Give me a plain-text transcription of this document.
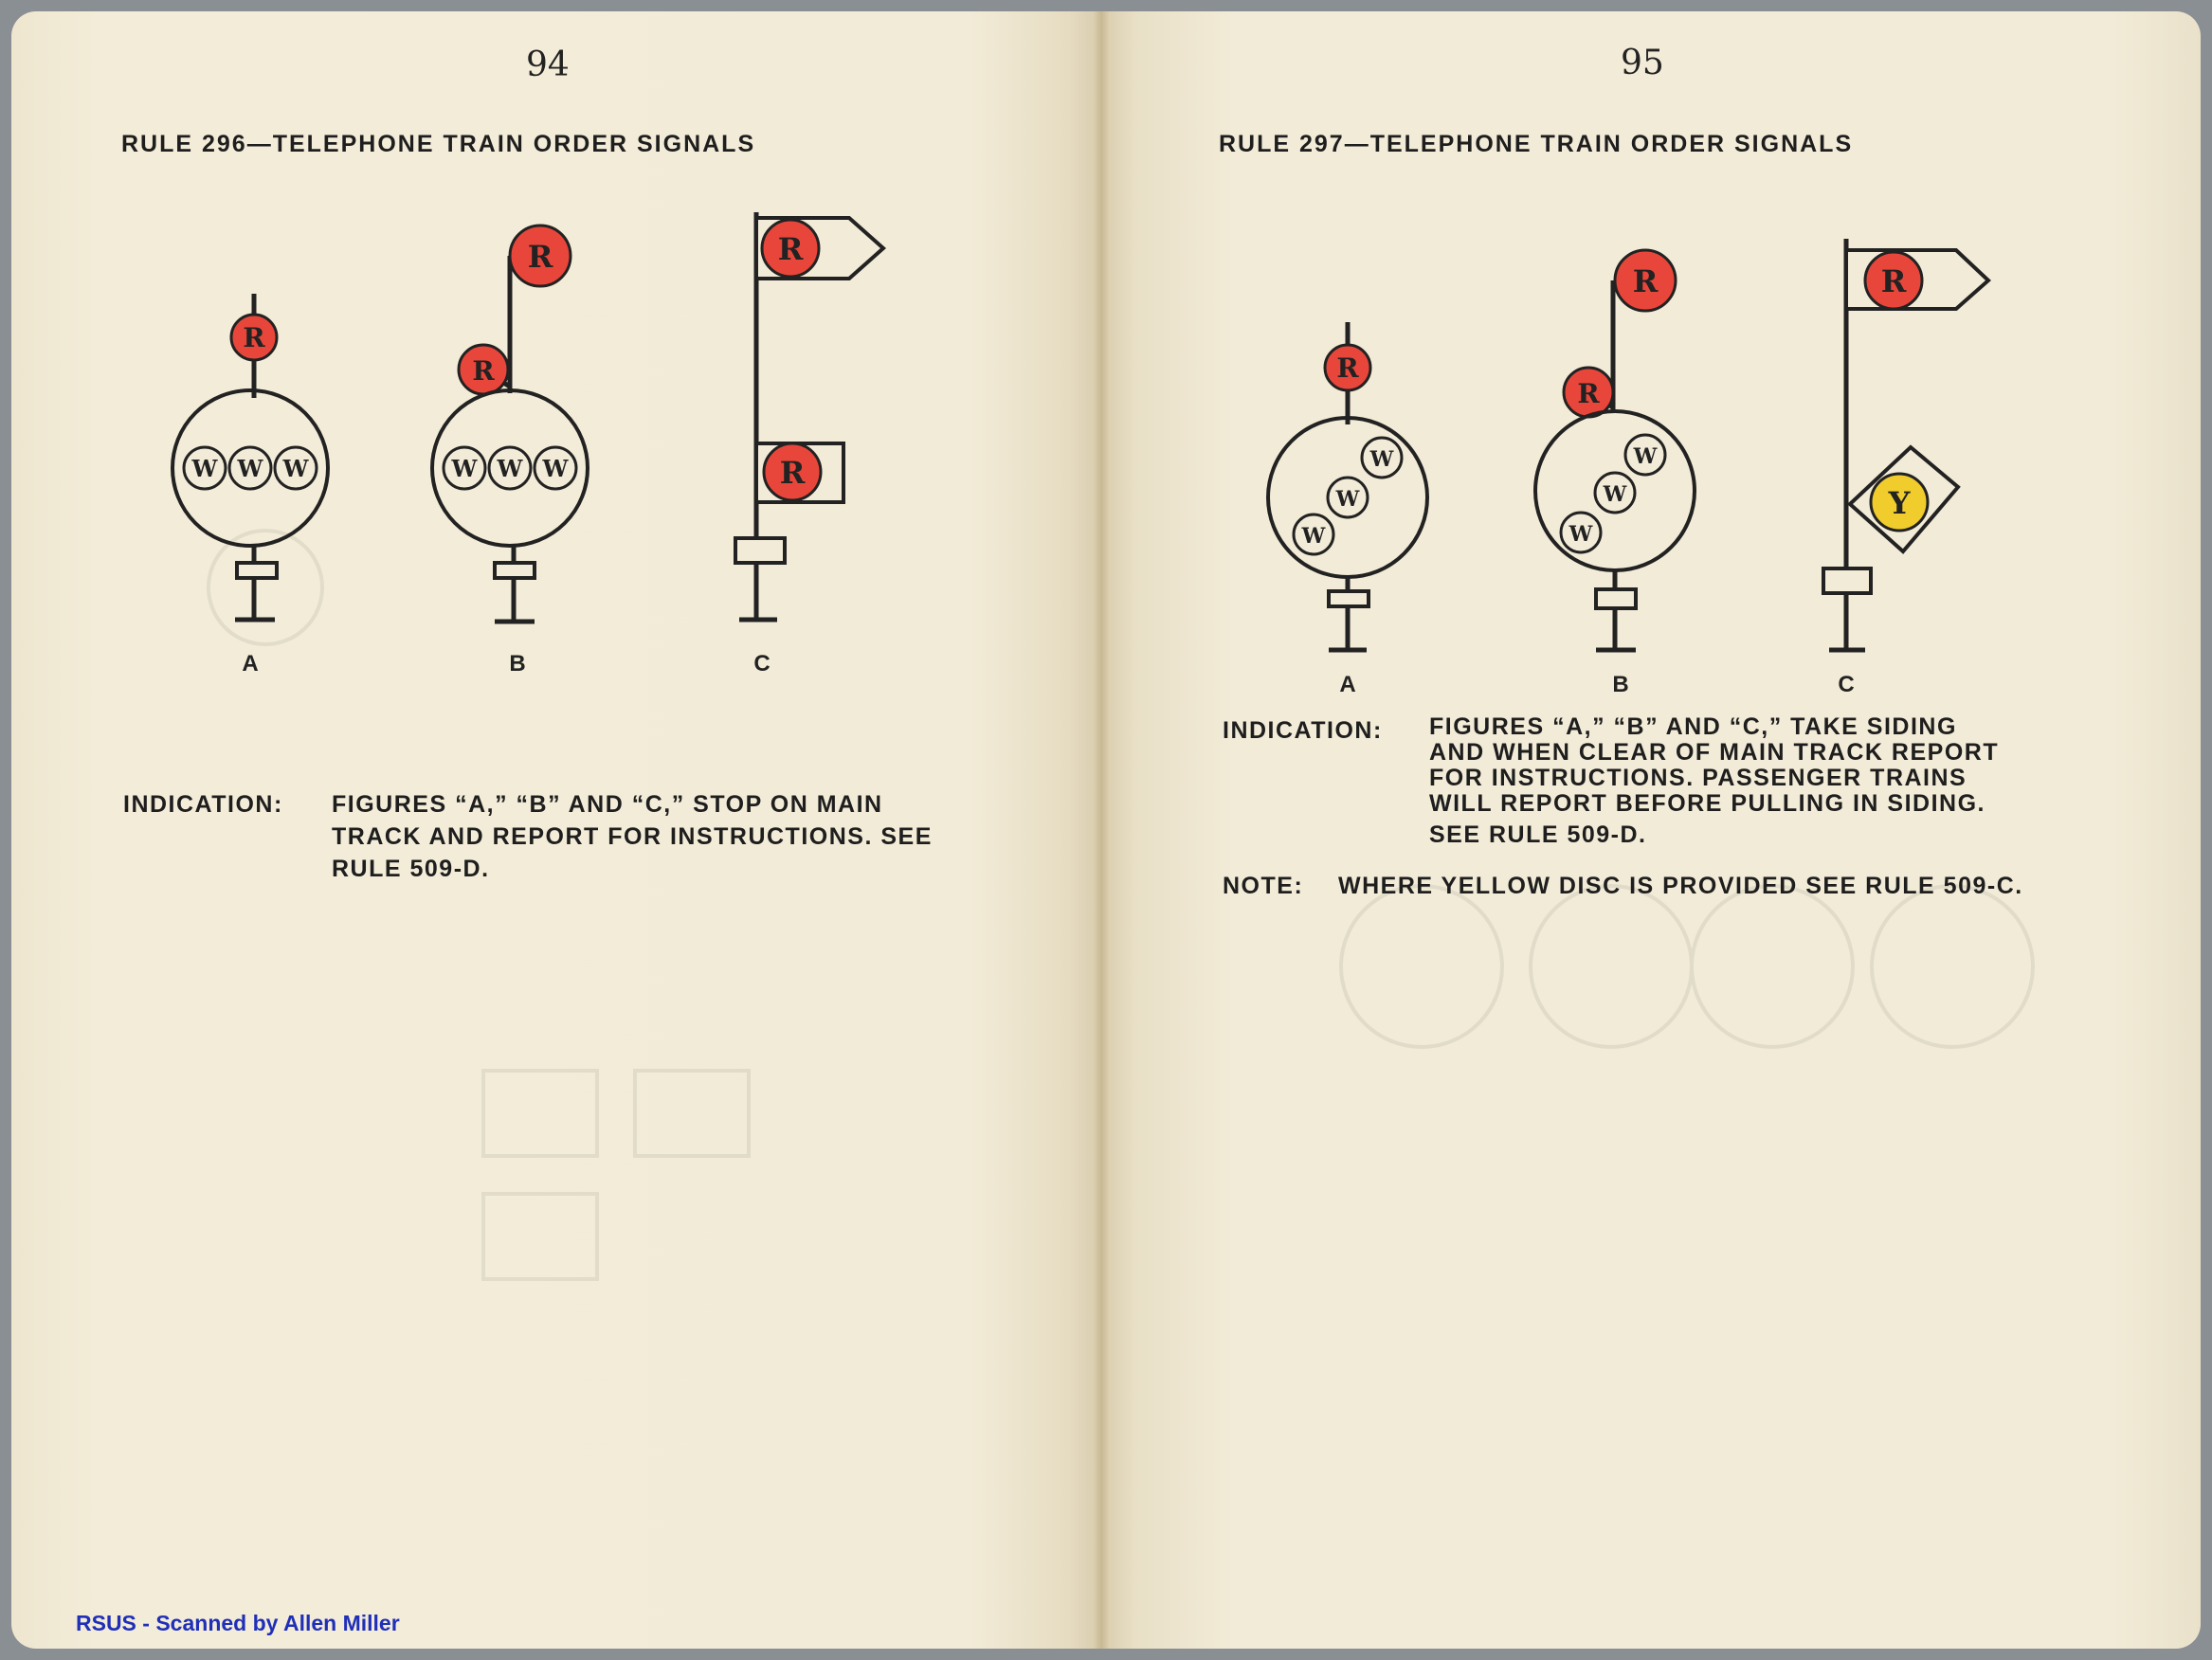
94
RULE 296—TELEPHONE TRAIN ORDER SIGNALS
R
W W W
A
R
R
W W W
B
R
R
C
INDICATION: FIGURES “A,” “B” AND “C,” STOP ON MAIN
TRACK AND REPORT FOR INSTRUCTIONS. SEE
RULE 509-D.
RSUS - Scanned by Allen Miller
95
RULE 297—TELEPHONE TRAIN ORDER SIGNALS
R
W
W
W
A
R
R
W
W
W
B
R
Y
C
INDICATION: FIGURES “A,” “B” AND “C,” TAKE SIDING
AND WHEN CLEAR OF MAIN TRACK REPORT
FOR INSTRUCTIONS. PASSENGER TRAINS
WILL REPORT BEFORE PULLING IN SIDING.
SEE RULE 509-D.
NOTE: WHERE YELLOW DISC IS PROVIDED SEE RULE 509-C.
